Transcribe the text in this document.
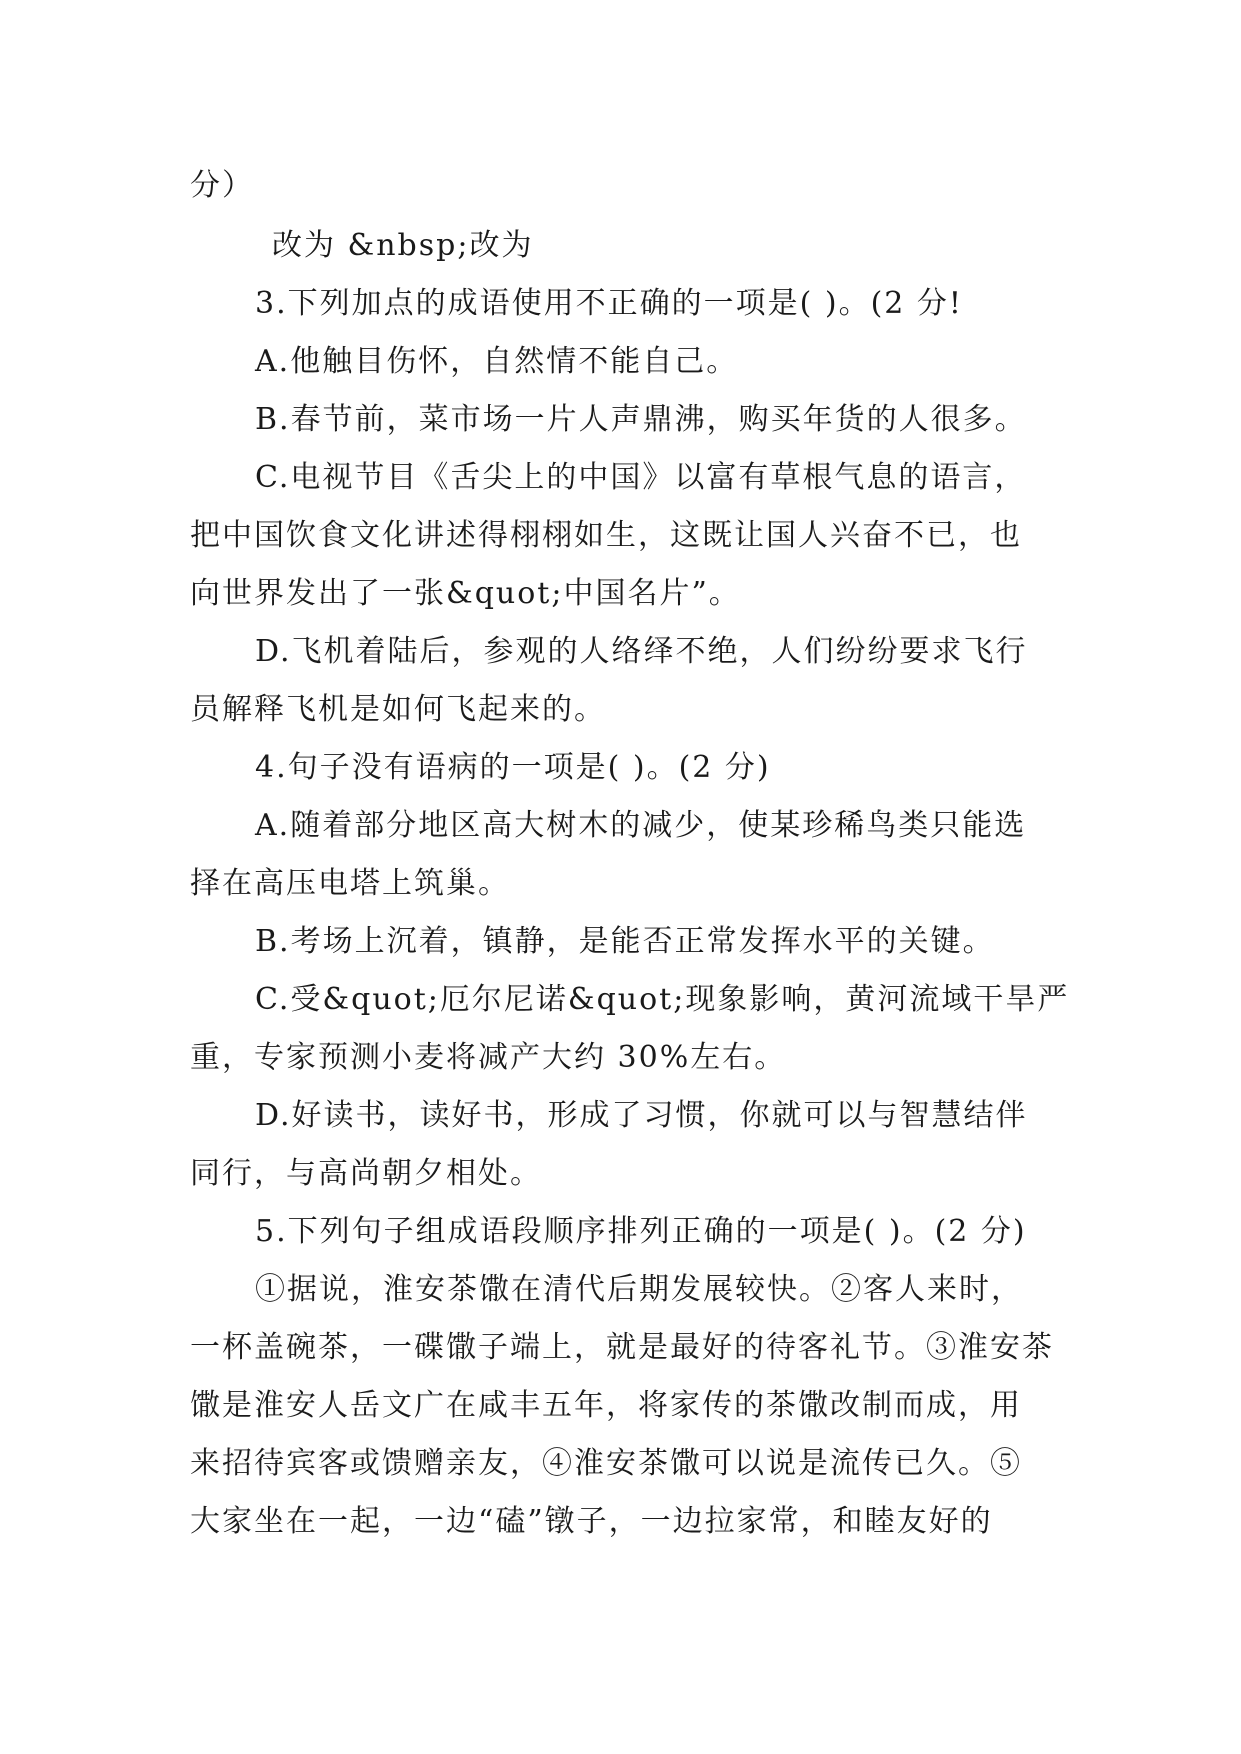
分）
改为 &nbsp;改为
3.下列加点的成语使用不正确的一项是( )。(2 分!
A.他触目伤怀，自然情不能自己。
B.春节前，菜市场一片人声鼎沸，购买年货的人很多。
C.电视节目《舌尖上的中国》以富有草根气息的语言，
把中国饮食文化讲述得栩栩如生，这既让国人兴奋不已，也
向世界发出了一张&quot;中国名片”。
D.飞机着陆后，参观的人络绎不绝，人们纷纷要求飞行
员解释飞机是如何飞起来的。
4.句子没有语病的一项是( )。(2 分)
A.随着部分地区高大树木的减少，使某珍稀鸟类只能选
择在高压电塔上筑巢。
B.考场上沉着，镇静，是能否正常发挥水平的关键。
C.受&quot;厄尔尼诺&quot;现象影响，黄河流域干旱严
重，专家预测小麦将减产大约 30%左右。
D.好读书，读好书，形成了习惯，你就可以与智慧结伴
同行，与高尚朝夕相处。
5.下列句子组成语段顺序排列正确的一项是( )。(2 分)
①据说，淮安茶馓在清代后期发展较快。②客人来时，
一杯盖碗茶，一碟馓子端上，就是最好的待客礼节。③淮安茶
馓是淮安人岳文广在咸丰五年，将家传的茶馓改制而成，用
来招待宾客或馈赠亲友，④淮安茶馓可以说是流传已久。⑤
大家坐在一起，一边“磕”镦子，一边拉家常，和睦友好的
